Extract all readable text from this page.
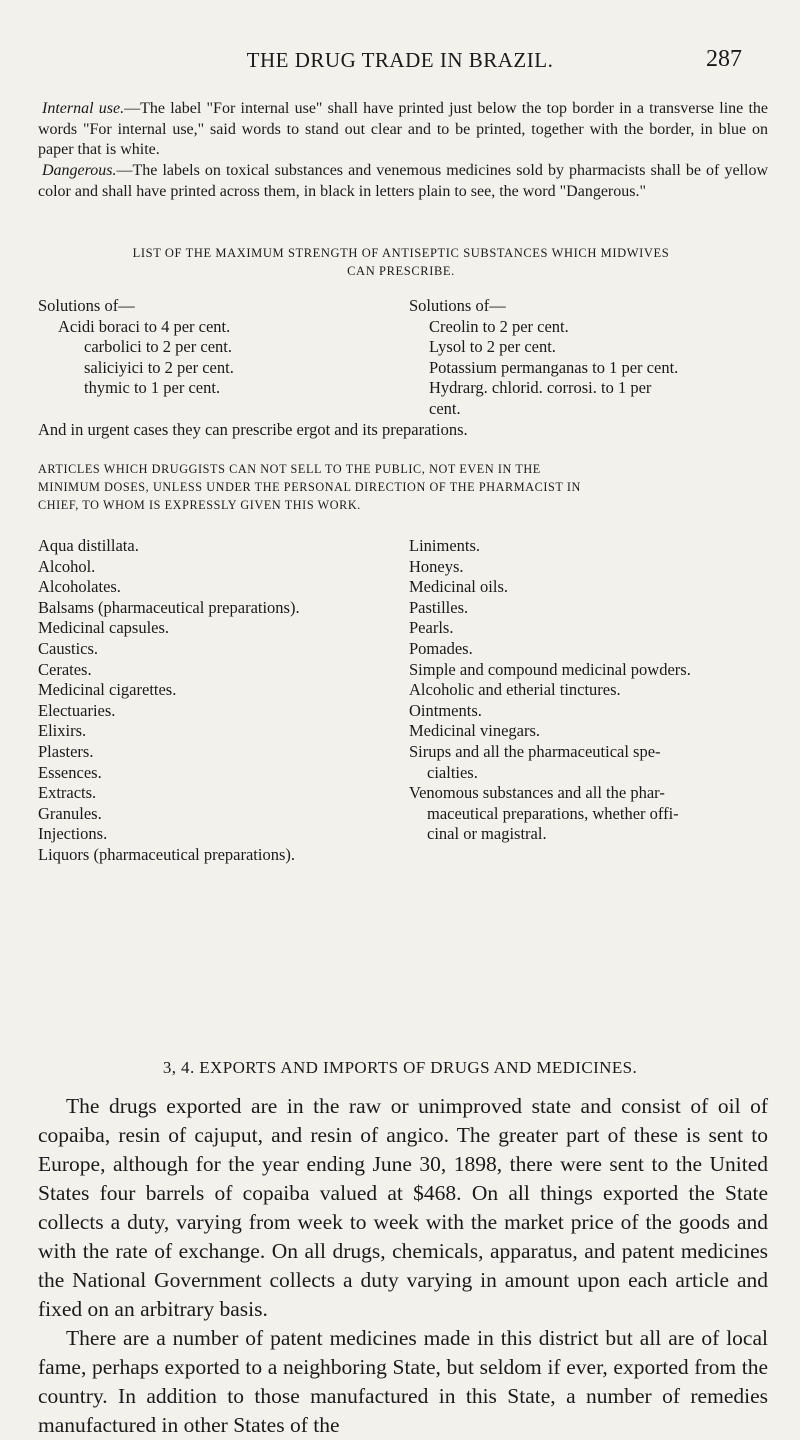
THE DRUG TRADE IN BRAZIL.	287

Internal use.—The label "For internal use" shall have printed just below the top border in a transverse line the words "For internal use," said words to stand out clear and to be printed, together with the border, in blue on paper that is white.

Dangerous.—The labels on toxical substances and venemous medicines sold by pharmacists shall be of yellow color and shall have printed across them, in black in letters plain to see, the word "Dangerous."

LIST OF THE MAXIMUM STRENGTH OF ANTISEPTIC SUBSTANCES WHICH MIDWIVES
CAN PRESCRIBE.
Solutions of—
Acidi boraci to 4 per cent.
carbolici to 2 per cent.
saliciyici to 2 per cent.
thymic to 1 per cent.
Solutions of—
Creolin to 2 per cent.
Lysol to 2 per cent.
Potassium permanganas to 1 per cent.
Hydrarg. chlorid. corrosi. to 1 per
cent.
And in urgent cases they can prescribe ergot and its preparations.
ARTICLES WHICH DRUGGISTS CAN NOT SELL TO THE PUBLIC, NOT EVEN IN THE
MINIMUM DOSES, UNLESS UNDER THE PERSONAL DIRECTION OF THE PHARMACIST IN
CHIEF, TO WHOM IS EXPRESSLY GIVEN THIS WORK.
Aqua distillata.
Alcohol.
Alcoholates.
Balsams (pharmaceutical preparations).
Medicinal capsules.
Caustics.
Cerates.
Medicinal cigarettes.
Electuaries.
Elixirs.
Plasters.
Essences.
Extracts.
Granules.
Injections.
Liquors (pharmaceutical preparations).
Liniments.
Honeys.
Medicinal oils.
Pastilles.
Pearls.
Pomades.
Simple and compound medicinal powders.
Alcoholic and etherial tinctures.
Ointments.
Medicinal vinegars.
Sirups and all the pharmaceutical spe-
cialties.
Venomous substances and all the phar-
maceutical preparations, whether offi-
cinal or magistral.
3, 4. EXPORTS AND IMPORTS OF DRUGS AND MEDICINES.

The drugs exported are in the raw or unimproved state and consist of oil of copaiba, resin of cajuput, and resin of angico. The greater part of these is sent to Europe, although for the year ending June 30, 1898, there were sent to the United States four barrels of copaiba valued at $468. On all things exported the State collects a duty, varying from week to week with the market price of the goods and with the rate of exchange. On all drugs, chemicals, apparatus, and patent medicines the National Government collects a duty varying in amount upon each article and fixed on an arbitrary basis.

There are a number of patent medicines made in this district but all are of local fame, perhaps exported to a neighboring State, but seldom if ever, exported from the country. In addition to those manufactured in this State, a number of remedies manufactured in other States of the
